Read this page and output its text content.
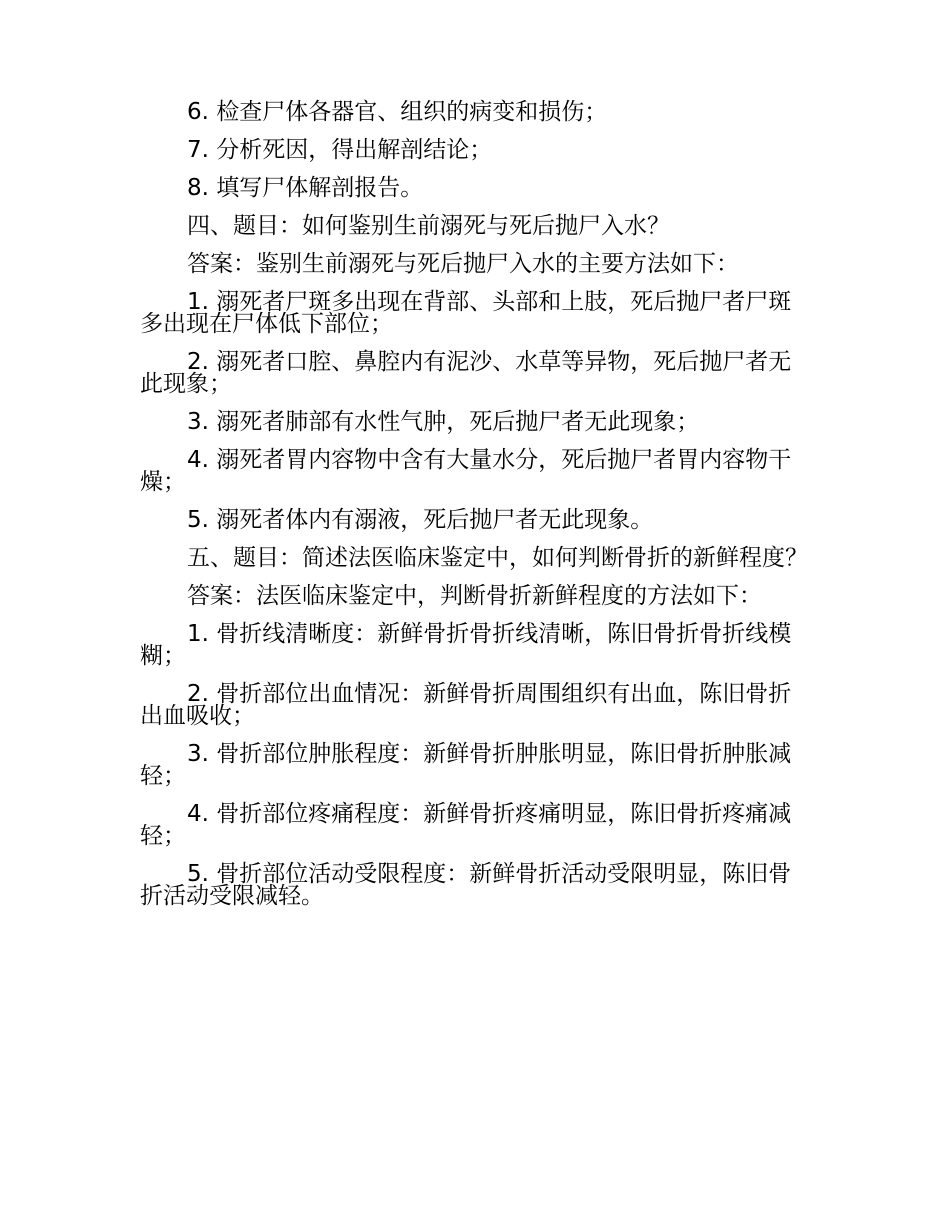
6. 检查尸体各器官、组织的病变和损伤；

7. 分析死因，得出解剖结论；

8. 填写尸体解剖报告。

四、题目：如何鉴别生前溺死与死后抛尸入水？

答案：鉴别生前溺死与死后抛尸入水的主要方法如下：

1. 溺死者尸斑多出现在背部、头部和上肢，死后抛尸者尸斑多出现在尸体低下部位；

2. 溺死者口腔、鼻腔内有泥沙、水草等异物，死后抛尸者无此现象；

3. 溺死者肺部有水性气肿，死后抛尸者无此现象；

4. 溺死者胃内容物中含有大量水分，死后抛尸者胃内容物干燥；

5. 溺死者体内有溺液，死后抛尸者无此现象。

五、题目：简述法医临床鉴定中，如何判断骨折的新鲜程度？

答案：法医临床鉴定中，判断骨折新鲜程度的方法如下：

1. 骨折线清晰度：新鲜骨折骨折线清晰，陈旧骨折骨折线模糊；

2. 骨折部位出血情况：新鲜骨折周围组织有出血，陈旧骨折出血吸收；

3. 骨折部位肿胀程度：新鲜骨折肿胀明显，陈旧骨折肿胀减轻；

4. 骨折部位疼痛程度：新鲜骨折疼痛明显，陈旧骨折疼痛减轻；

5. 骨折部位活动受限程度：新鲜骨折活动受限明显，陈旧骨折活动受限减轻。
